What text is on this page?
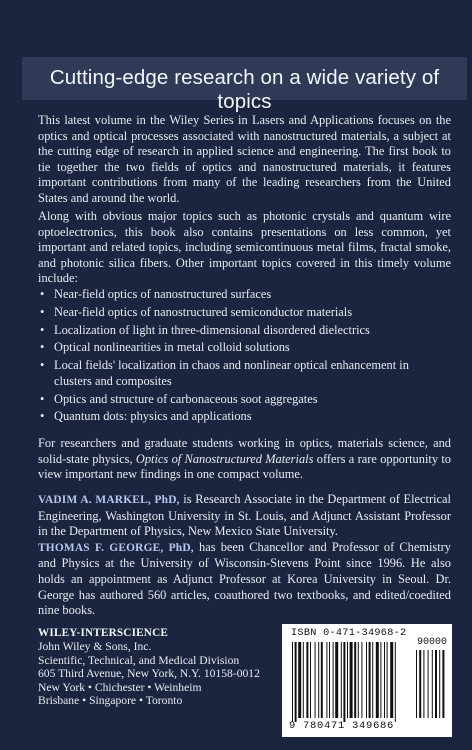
Cutting-edge research on a wide variety of topics

This latest volume in the Wiley Series in Lasers and Applications focuses on the optics and optical processes associated with nanostructured materials, a subject at the cutting edge of research in applied science and engineering. The first book to tie together the two fields of optics and nanostructured materials, it features important contributions from many of the leading researchers from the United States and around the world.

Along with obvious major topics such as photonic crystals and quantum wire optoelectronics, this book also contains presentations on less common, yet important and related topics, including semicontinuous metal films, fractal smoke, and photonic silica fibers. Other important topics covered in this timely volume include:

• Near-field optics of nanostructured surfaces
• Near-field optics of nanostructured semiconductor materials
• Localization of light in three-dimensional disordered dielectrics
• Optical nonlinearities in metal colloid solutions
• Local fields' localization in chaos and nonlinear optical enhancement in clusters and composites
• Optics and structure of carbonaceous soot aggregates
• Quantum dots: physics and applications

For researchers and graduate students working in optics, materials science, and solid-state physics, Optics of Nanostructured Materials offers a rare opportunity to view important new findings in one compact volume.

VADIM A. MARKEL, PhD, is Research Associate in the Department of Electrical Engineering, Washington University in St. Louis, and Adjunct Assistant Professor in the Department of Physics, New Mexico State University.

THOMAS F. GEORGE, PhD, has been Chancellor and Professor of Chemistry and Physics at the University of Wisconsin-Stevens Point since 1996. He also holds an appointment as Adjunct Professor at Korea University in Seoul. Dr. George has authored 560 articles, coauthored two textbooks, and edited/coedited nine books.

WILEY-INTERSCIENCE
John Wiley & Sons, Inc.
Scientific, Technical, and Medical Division
605 Third Avenue, New York, N.Y. 10158-0012
New York • Chichester • Weinheim
Brisbane • Singapore • Toronto
ISBN 0-471-34968-2
90000
9 780471 349686
